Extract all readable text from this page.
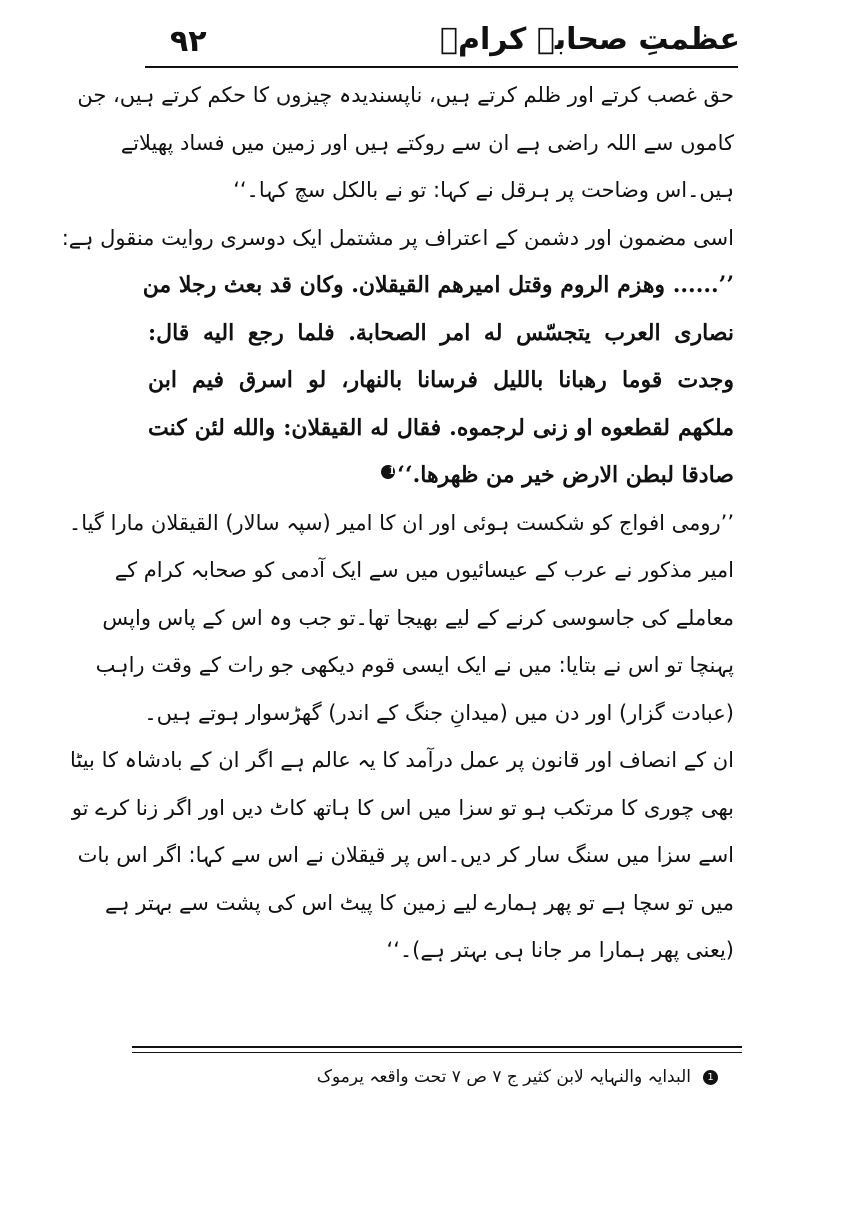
۹۲	عظمتِ صحابہ کرامؓ
حق غصب کرتے اور ظلم کرتے ہیں، ناپسندیدہ چیزوں کا حکم کرتے ہیں، جن
کاموں سے اللہ راضی ہے ان سے روکتے ہیں اور زمین میں فساد پھیلاتے
ہیں۔اس وضاحت پر ہرقل نے کہا: تو نے بالکل سچ کہا۔‘‘
اسی مضمون اور دشمن کے اعتراف پر مشتمل ایک دوسری روایت منقول ہے:
’’...... وهزم الروم وقتل اميرهم القيقلان. وكان قد بعث رجلا من
نصارى العرب يتجسّس له امر الصحابة. فلما رجع اليه قال:
وجدت قوما رهبانا بالليل فرسانا بالنهار، لو اسرق فيم ابن
ملكهم لقطعوه او زنى لرجموه. فقال له القيقلان: والله لئن كنت
صادقا لبطن الارض خير من ظهرها.‘‘1
’’رومی افواج کو شکست ہوئی اور ان کا امیر (سپہ سالار) القیقلان مارا گیا۔
امیر مذکور نے عرب کے عیسائیوں میں سے ایک آدمی کو صحابہ کرام کے
معاملے کی جاسوسی کرنے کے لیے بھیجا تھا۔تو جب وہ اس کے پاس واپس
پہنچا تو اس نے بتایا: میں نے ایک ایسی قوم دیکھی جو رات کے وقت راہب
(عبادت گزار) اور دن میں (میدانِ جنگ کے اندر) گھڑسوار ہوتے ہیں۔
ان کے انصاف اور قانون پر عمل درآمد کا یہ عالم ہے اگر ان کے بادشاہ کا بیٹا
بھی چوری کا مرتکب ہو تو سزا میں اس کا ہاتھ کاٹ دیں اور اگر زنا کرے تو
اسے سزا میں سنگ سار کر دیں۔اس پر قیقلان نے اس سے کہا: اگر اس بات
میں تو سچا ہے تو پھر ہمارے لیے زمین کا پیٹ اس کی پشت سے بہتر ہے
(یعنی پھر ہمارا مر جانا ہی بہتر ہے)۔‘‘
1البدایہ والنہایہ لابن کثیر ج ۷ ص ۷ تحت واقعہ یرموک
